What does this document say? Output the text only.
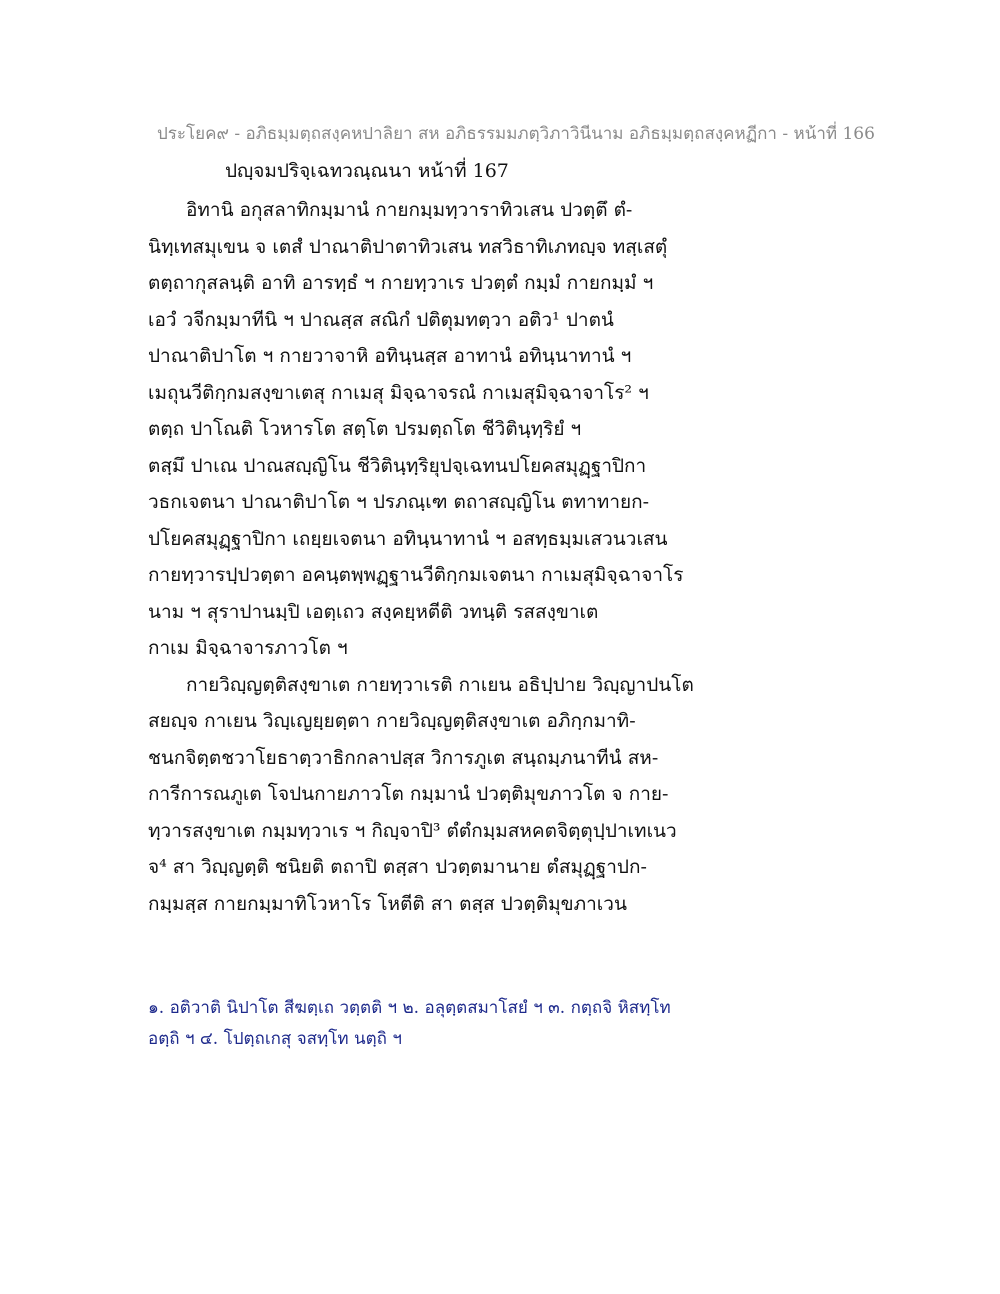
ประโยค๙ - อภิธมฺมตฺถสงฺคหปาลิยา สห อภิธรรมมภตฺวิภาวินีนาม อภิธมฺมตฺถสงฺคหฏีกา - หน้าที่ 166
ปญฺจมปริจฺเฉทวณฺณนา หน้าที่ 167
อิทานิ อกุสลาทิกมฺมานํ กายกมฺมทฺวาราทิวเสน ปวตฺตึ ตํ-
นิทฺเทสมุเขน จ เตสํ ปาณาติปาตาทิวเสน ทสวิธาทิเภทญฺจ ทสฺเสตุํ
ตตฺถากุสลนฺติ อาทิ อารทฺธํ ฯ กายทฺวาเร ปวตฺตํ กมฺมํ กายกมฺมํ ฯ
เอวํ วจีกมฺมาทีนิ ฯ ปาณสฺส สณิกํ ปติตุมทตฺวา อติว¹ ปาตนํ
ปาณาติปาโต ฯ กายวาจาหิ อทินฺนสฺส อาทานํ อทินฺนาทานํ ฯ
เมถุนวีติกฺกมสงฺขาเตสุ กาเมสุ มิจฺฉาจรณํ กาเมสุมิจฺฉาจาโร² ฯ
ตตฺถ ปาโณติ โวหารโต สตฺโต ปรมตฺถโต ชีวิตินฺทฺริยํ ฯ
ตสฺมึ ปาเณ ปาณสญฺญิโน ชีวิตินฺทฺริยุปจฺเฉทนปโยคสมุฏฺฐาปิกา
วธกเจตนา ปาณาติปาโต ฯ ปรภณฺเฑ ตถาสญฺญิโน ตทาทายก-
ปโยคสมุฏฺฐาปิกา เถยฺยเจตนา อทินฺนาทานํ ฯ อสทฺธมฺมเสวนวเสน
กายทฺวารปฺปวตฺตา อคนฺตพฺพฏฺฐานวีติกฺกมเจตนา กาเมสุมิจฺฉาจาโร
นาม ฯ สุราปานมฺปิ เอตฺเถว สงฺคยฺหตีติ วทนฺติ รสสงฺขาเต
กาเม มิจฺฉาจารภาวโต ฯ
กายวิญฺญตฺติสงฺขาเต กายทฺวาเรติ กาเยน อธิปฺปาย วิญฺญาปนโต
สยญฺจ กาเยน วิญฺเญยฺยตฺตา กายวิญฺญตฺติสงฺขาเต อภิกฺกมาทิ-
ชนกจิตฺตชวาโยธาตฺวาธิกกลาปสฺส วิการภูเต สนฺถมฺภนาทีนํ สห-
การีการณภูเต โจปนกายภาวโต กมฺมานํ ปวตฺติมุขภาวโต จ กาย-
ทฺวารสงฺขาเต กมฺมทฺวาเร ฯ กิญฺจาปิ³ ตํตํกมฺมสหคตจิตฺตุปฺปาเทเนว
จ⁴ สา วิญฺญตฺติ ชนิยติ ตถาปิ ตสฺสา ปวตฺตมานาย ตํสมุฏฺฐาปก-
กมฺมสฺส กายกมฺมาทิโวหาโร โหตีติ สา ตสฺส ปวตฺติมุขภาเวน
๑. อติวาติ นิปาโต สีฆตฺเถ วตฺตติ ฯ ๒. อลุตฺตสมาโสยํ ฯ ๓. กตฺถจิ หิสทฺโท
อตฺถิ ฯ ๔. โปตฺถเกสุ จสทฺโท นตฺถิ ฯ
